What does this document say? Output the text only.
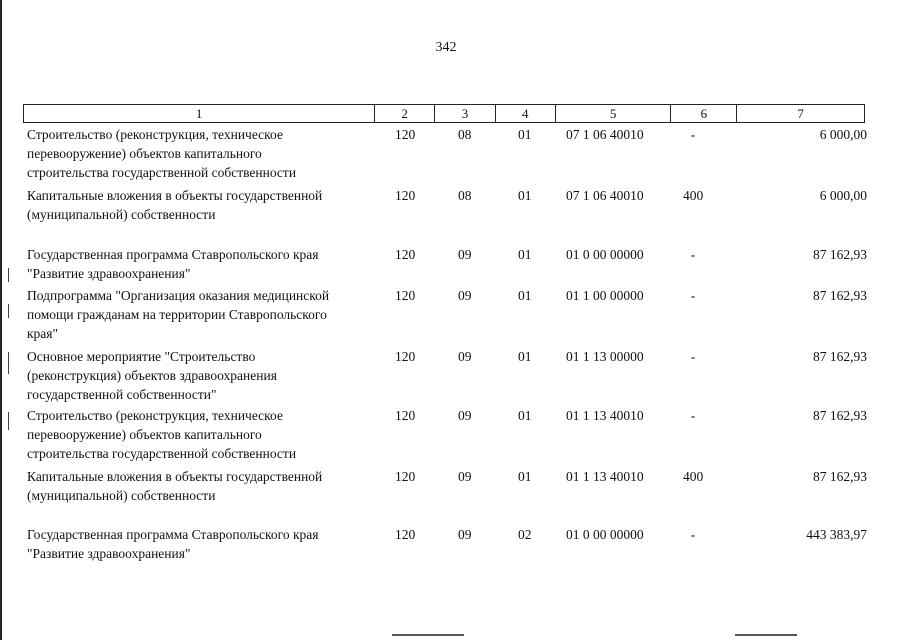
342
1	2	3	4	5	6	7
Строительство (реконструкция, техническое
перевооружение) объектов капитального
строительства государственной собственности
120	08	01	07 1 06 40010	-	6 000,00
Капитальные вложения в объекты государственной
(муниципальной) собственности
120	08	01	07 1 06 40010	400	6 000,00
Государственная программа Ставропольского края
"Развитие здравоохранения"
120	09	01	01 0 00 00000	-	87 162,93
Подпрограмма "Организация оказания медицинской
помощи гражданам на территории Ставропольского
края"
120	09	01	01 1 00 00000	-	87 162,93
Основное мероприятие "Строительство
(реконструкция) объектов здравоохранения
государственной собственности"
120	09	01	01 1 13 00000	-	87 162,93
Строительство (реконструкция, техническое
перевооружение) объектов капитального
строительства государственной собственности
120	09	01	01 1 13 40010	-	87 162,93
Капитальные вложения в объекты государственной
(муниципальной) собственности
120	09	01	01 1 13 40010	400	87 162,93
Государственная программа Ставропольского края
"Развитие здравоохранения"
120	09	02	01 0 00 00000	-	443 383,97
